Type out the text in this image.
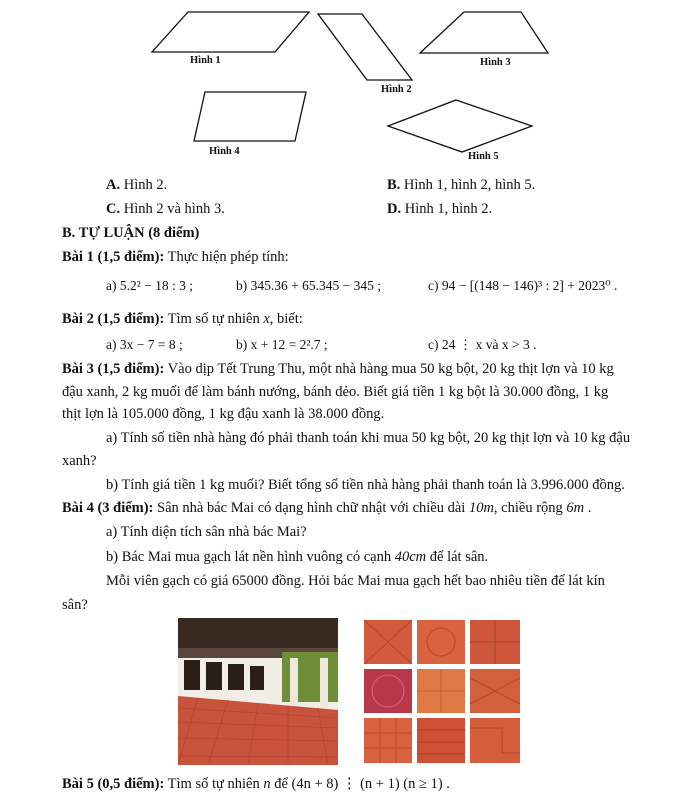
Hình 1
Hình 2
Hình 3
Hình 4	Hình 5
A. Hình 2.	B. Hình 1, hình 2, hình 5.
C. Hình 2 và hình 3.	D. Hình 1, hình 2.
B. TỰ LUẬN (8 điểm)
Bài 1 (1,5 điểm): Thực hiện phép tính:
a) 5.2² − 18 : 3 ;	b) 345.36 + 65.345 − 345 ;	c) 94 − [(148 − 146)³ : 2] + 2023⁰ .
Bài 2 (1,5 điểm): Tìm số tự nhiên x, biết:
a) 3x − 7 = 8 ;	b) x + 12 = 2².7 ;	c) 24 ⋮ x và x > 3 .
Bài 3 (1,5 điểm): Vào dịp Tết Trung Thu, một nhà hàng mua 50 kg bột, 20 kg thịt lợn và 10 kg
đậu xanh, 2 kg muối để làm bánh nướng, bánh dẻo. Biết giá tiền 1 kg bột là 30.000 đồng, 1 kg
thịt lợn là 105.000 đồng, 1 kg đậu xanh là 38.000 đồng.
a) Tính số tiền nhà hàng đó phải thanh toán khi mua 50 kg bột, 20 kg thịt lợn và 10 kg đậu
xanh?
b) Tính giá tiền 1 kg muối? Biết tổng số tiền nhà hàng phải thanh toán là 3.996.000 đồng.
Bài 4 (3 điểm): Sân nhà bác Mai có dạng hình chữ nhật với chiều dài 10m, chiều rộng 6m .
a) Tính diện tích sân nhà bác Mai?
b) Bác Mai mua gạch lát nền hình vuông có cạnh 40cm để lát sân.
Mỗi viên gạch có giá 65000 đồng. Hỏi bác Mai mua gạch hết bao nhiêu tiền để lát kín
sân?
Bài 5 (0,5 điểm): Tìm số tự nhiên n để (4n + 8) ⋮ (n + 1) (n ≥ 1) .
